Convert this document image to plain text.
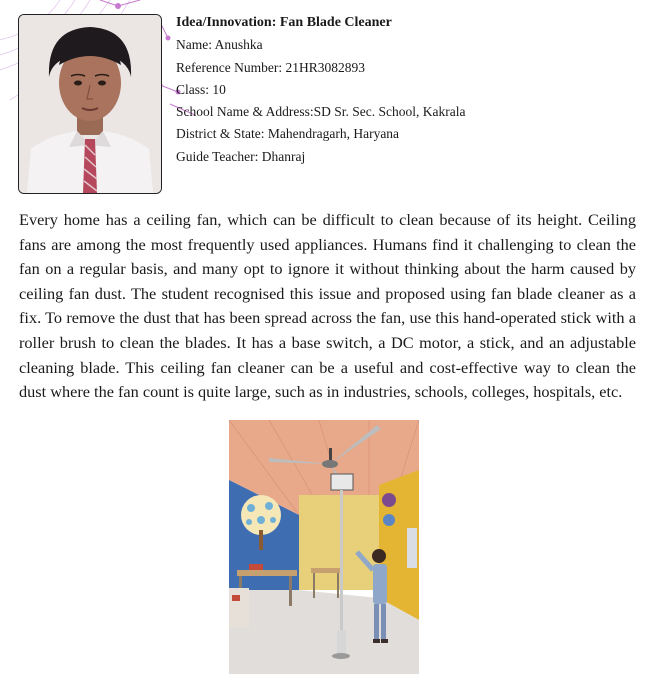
Idea/Innovation: Fan Blade Cleaner
Name: Anushka
Reference Number: 21HR3082893
Class: 10
School Name & Address:SD Sr. Sec. School, Kakrala
District & State: Mahendragarh, Haryana
Guide Teacher: Dhanraj

Every home has a ceiling fan, which can be difficult to clean because of its height. Ceiling fans are among the most frequently used appliances. Humans find it challenging to clean the fan on a regular basis, and many opt to ignore it without thinking about the harm caused by ceiling fan dust. The student recognised this issue and proposed using fan blade cleaner as a fix. To remove the dust that has been spread across the fan, use this hand-operated stick with a roller brush to clean the blades. It has a base switch, a DC motor, a stick, and an adjustable cleaning blade. This ceiling fan cleaner can be a useful and cost-effective way to clean the dust where the fan count is quite large, such as in industries, schools, colleges, hospitals, etc.
